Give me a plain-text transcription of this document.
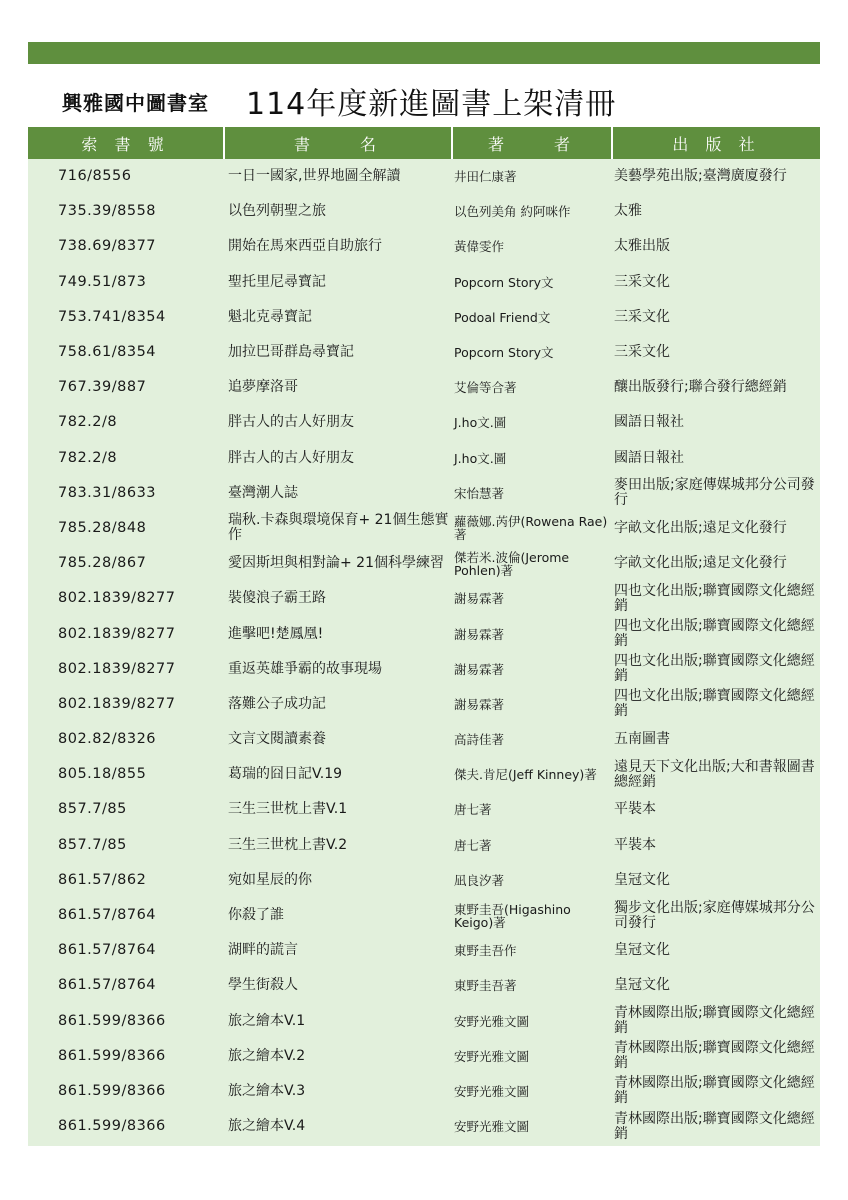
興雅國中圖書室 114年度新進圖書上架清冊
索 書 號	書　　名	著　　者	出 版 社
716/8556	一日一國家,世界地圖全解讀	井田仁康著	美藝學苑出版;臺灣廣廈發行
735.39/8558	以色列朝聖之旅	以色列美角 約阿咪作	太雅
738.69/8377	開始在馬來西亞自助旅行	黃偉雯作	太雅出版
749.51/873	聖托里尼尋寶記	Popcorn Story文	三采文化
753.741/8354	魁北克尋寶記	Podoal Friend文	三采文化
758.61/8354	加拉巴哥群島尋寶記	Popcorn Story文	三采文化
767.39/887	追夢摩洛哥	艾倫等合著	釀出版發行;聯合發行總經銷
782.2/8	胖古人的古人好朋友	J.ho文.圖	國語日報社
782.2/8	胖古人的古人好朋友	J.ho文.圖	國語日報社
783.31/8633	臺灣潮人誌	宋怡慧著	麥田出版;家庭傳媒城邦分公司發行
785.28/848	瑞秋.卡森與環境保育+ 21個生態實作	蘿薇娜.芮伊(Rowena Rae)著	字畝文化出版;遠足文化發行
785.28/867	愛因斯坦與相對論+ 21個科學練習	傑若米.波倫(Jerome Pohlen)著	字畝文化出版;遠足文化發行
802.1839/8277	裝傻浪子霸王路	謝易霖著	四也文化出版;聯寶國際文化總經銷
802.1839/8277	進擊吧!楚鳳凰!	謝易霖著	四也文化出版;聯寶國際文化總經銷
802.1839/8277	重返英雄爭霸的故事現場	謝易霖著	四也文化出版;聯寶國際文化總經銷
802.1839/8277	落難公子成功記	謝易霖著	四也文化出版;聯寶國際文化總經銷
802.82/8326	文言文閱讀素養	高詩佳著	五南圖書
805.18/855	葛瑞的囧日記V.19	傑夫.肯尼(Jeff Kinney)著	遠見天下文化出版;大和書報圖書總經銷
857.7/85	三生三世枕上書V.1	唐七著	平裝本
857.7/85	三生三世枕上書V.2	唐七著	平裝本
861.57/862	宛如星辰的你	凪良汐著	皇冠文化
861.57/8764	你殺了誰	東野圭吾(Higashino Keigo)著	獨步文化出版;家庭傳媒城邦分公司發行
861.57/8764	湖畔的謊言	東野圭吾作	皇冠文化
861.57/8764	學生街殺人	東野圭吾著	皇冠文化
861.599/8366	旅之繪本V.1	安野光雅文圖	青林國際出版;聯寶國際文化總經銷
861.599/8366	旅之繪本V.2	安野光雅文圖	青林國際出版;聯寶國際文化總經銷
861.599/8366	旅之繪本V.3	安野光雅文圖	青林國際出版;聯寶國際文化總經銷
861.599/8366	旅之繪本V.4	安野光雅文圖	青林國際出版;聯寶國際文化總經銷
